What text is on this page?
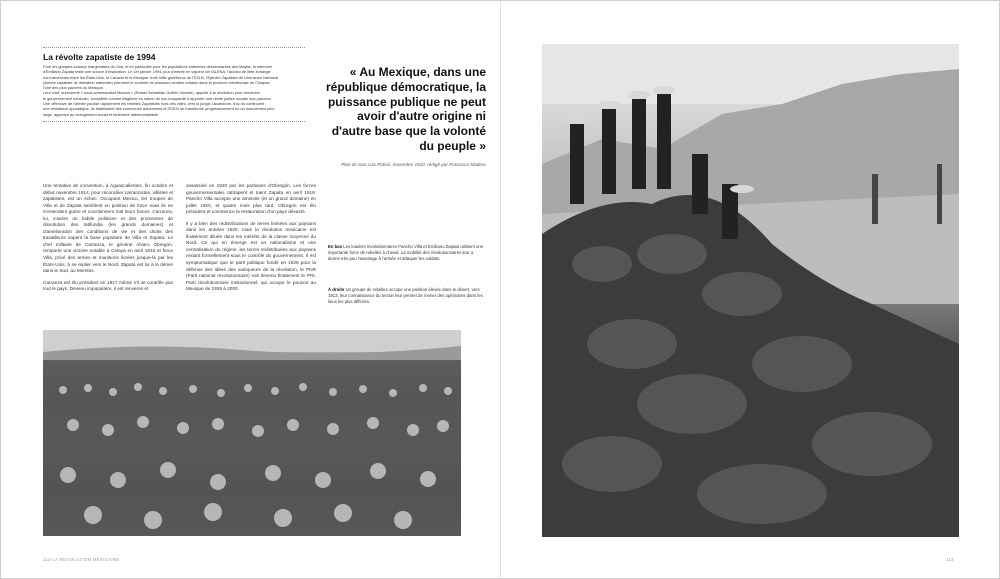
La révolte zapatiste de 1994

Pour les groupes sociaux marginalisés du Sud, et en particulier pour les populations indiennes descendantes des Mayas, la mémoire

d'Emiliano Zapata reste une source d'inspiration. Le 1er janvier 1994, jour d'entrée en vigueur de l'ALENA, l'accord de libre-échange

nord-américain entre les États-Unis, le Canada et le Mexique, trois mille guérilleros de l'EZLN, l'Ejército Zapatista de Liberación Nacional

(Armée zapatiste de libération nationale) prennent le contrôle de plusieurs centres urbains dans la province méridionale du Chiapas,

l'une des plus pauvres du Mexique.

Leur chef, surnommé « sous-commandant Marcos » (Rafael Sebastián Guillén Vicente), appelle à la révolution pour renverser

le gouvernement mexicain, considéré comme illégitime en raison de son incapacité à apporter une réelle justice sociale aux pauvres.

Une offensive de l'armée pousse rapidement les rebelles Zapatistes hors des villes, vers la jungle Lacandone, d'où ils continuent

une résistance sporadique. Ils établissent des communes autonomes et l'EZLN se transforme progressivement en un mouvement plus

large, appelant au changement social et fortement altermondialiste.

« Au Mexique, dans une république démocratique, la puissance publique ne peut avoir d'autre origine ni d'autre base que la volonté du peuple »
Plan de San Luis Potosí, novembre 1910, rédigé par Francisco Madero

Une tentative de convention, à Aguascalientes, fin octobre et début novembre 1914, pour réconcilier carrancistes, villistes et zapatistes, est un échec. Occupant Mexico, les troupes de Villa et de Zapata semblent en position de force mais ils ne s'entendent guère et coordonnent mal leurs forces. Carranza, lui, s'avère un habile politicien et des promesses de dissolution des latifundia (les grands domaines) et d'amélioration des conditions de vie et des droits des travailleurs sapent la base populaire de Villa et Zapata. Le chef militaire de Carranza, le général Álvaro Obregón, remporte une victoire notable à Celaya en avril 1915 et force Villa, privé des armes et munitions livrées jusque-là par les États-Unis, à se replier vers le Nord. Zapata est lui à la dérive dans le Sud, au Morelos.

Carranza est élu président en 1917 même s'il ne contrôle pas tout le pays. Devenu impopulaire, il est renversé et

assassiné en 1920 par les partisans d'Obregón. Les forces gouvernementales rattrapent et tuent Zapata en avril 1919. Pancho Villa accepte une amnistie (et un grand domaine) en juillet 1920, et quatre mois plus tard, Obregón est élu président et commence la restauration d'un pays dévasté.

Il y a bien des redistributions de terres limitées aux paysans dans les années 1920, mais la révolution mexicaine est finalement diluée dans les intérêts de la classe moyenne du Nord. Ce qui en émerge est un nationalisme et une centralisation du régime, les terres redistribuées aux paysans restant formellement sous le contrôle du gouvernement. Il est symptomatique que le parti politique fondé en 1929 pour la défense des idées des vainqueurs de la révolution, le PNR (Parti national révolutionnaire) soit devenu finalement le PRI, Parti révolutionnaire institutionnel, qui occupe le pouvoir au Mexique de 1929 à 2000.

En bas Les leaders révolutionnaires Pancho Villa et Emiliano Zapata utilisent une importante force de rebelles à cheval. La mobilité des révolutionnaires leur a donné très peu l'avantage à l'armée et attaquer les soldats.
À droite Un groupe de rebelles occupe une position élevée dans le désert, vers 1913, leur connaissance du terrain leur permet de mener des opérations dans les lieux les plus difficiles.
112 LA RÉVOLUTION MEXICAINE	113
